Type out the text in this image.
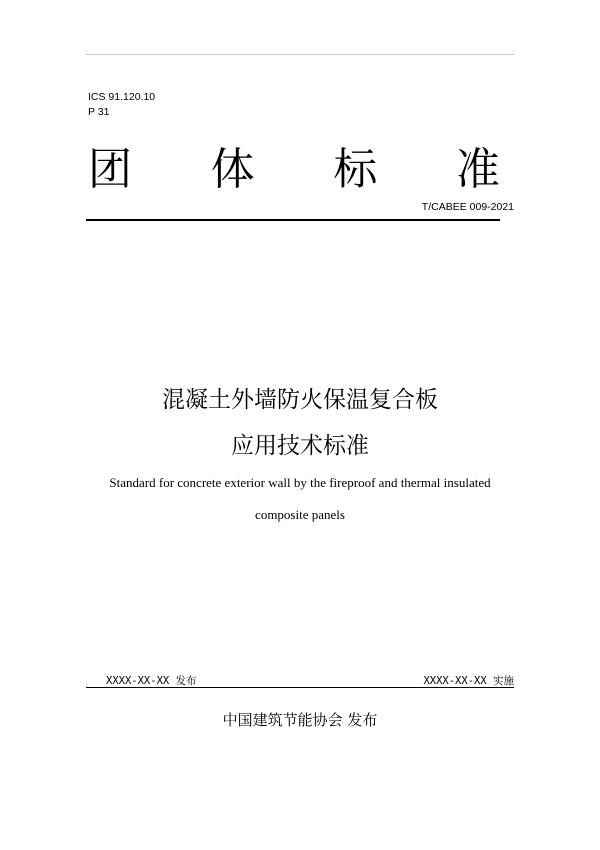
ICS 91.120.10
P 31
团 体 标 准
T/CABEE 009-2021
混凝土外墙防火保温复合板
应用技术标准
Standard for concrete exterior wall by the fireproof and thermal insulated
composite panels
XXXX-XX-XX 发布	XXXX-XX-XX 实施
中国建筑节能协会 发布
